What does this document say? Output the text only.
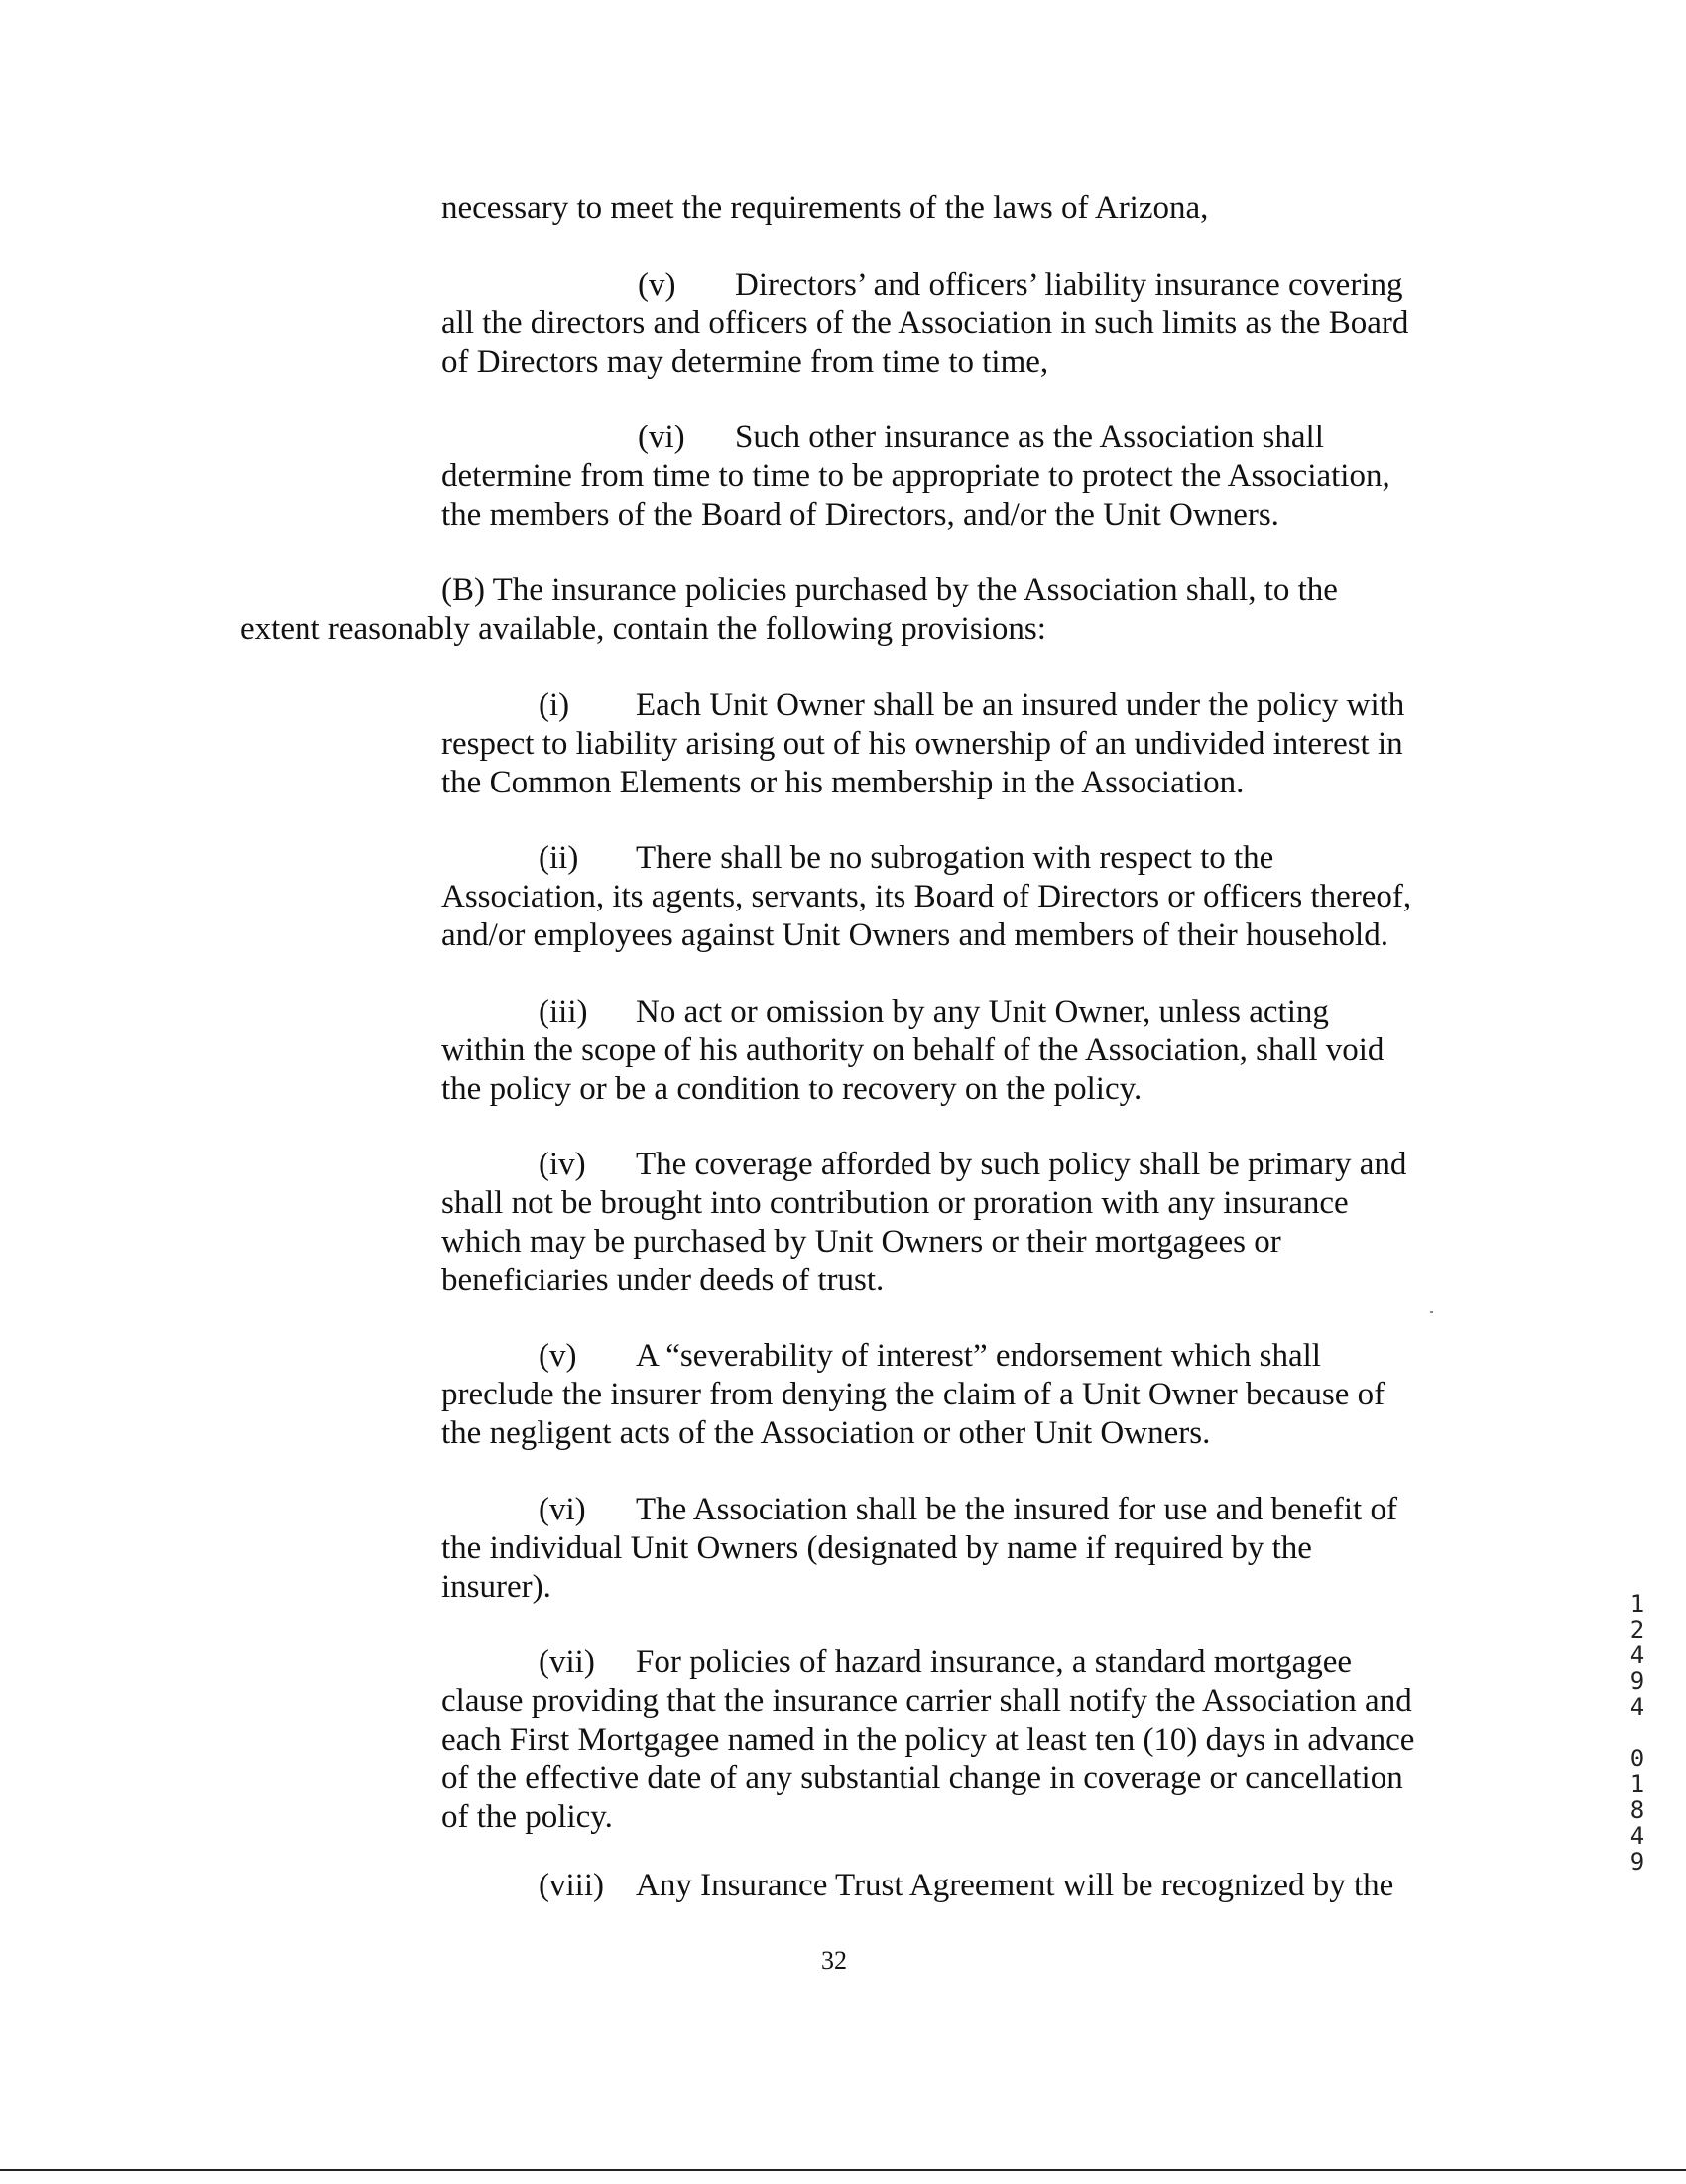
necessary to meet the requirements of the laws of Arizona,

(v) Directors’ and officers’ liability insurance covering

all the directors and officers of the Association in such limits as the Board

of Directors may determine from time to time,

(vi) Such other insurance as the Association shall

determine from time to time to be appropriate to protect the Association,

the members of the Board of Directors, and/or the Unit Owners.

(B) The insurance policies purchased by the Association shall, to the

extent reasonably available, contain the following provisions:

(i) Each Unit Owner shall be an insured under the policy with

respect to liability arising out of his ownership of an undivided interest in

the Common Elements or his membership in the Association.

(ii) There shall be no subrogation with respect to the

Association, its agents, servants, its Board of Directors or officers thereof,

and/or employees against Unit Owners and members of their household.

(iii) No act or omission by any Unit Owner, unless acting

within the scope of his authority on behalf of the Association, shall void

the policy or be a condition to recovery on the policy.

(iv) The coverage afforded by such policy shall be primary and

shall not be brought into contribution or proration with any insurance

which may be purchased by Unit Owners or their mortgagees or

beneficiaries under deeds of trust.

(v) A “severability of interest” endorsement which shall

preclude the insurer from denying the claim of a Unit Owner because of

the negligent acts of the Association or other Unit Owners.

(vi) The Association shall be the insured for use and benefit of

the individual Unit Owners (designated by name if required by the

insurer).

(vii) For policies of hazard insurance, a standard mortgagee

clause providing that the insurance carrier shall notify the Association and

each First Mortgagee named in the policy at least ten (10) days in advance

of the effective date of any substantial change in coverage or cancellation

of the policy.

(viii) Any Insurance Trust Agreement will be recognized by the

32
1
2
4
9
4

0
1
8
4
9
